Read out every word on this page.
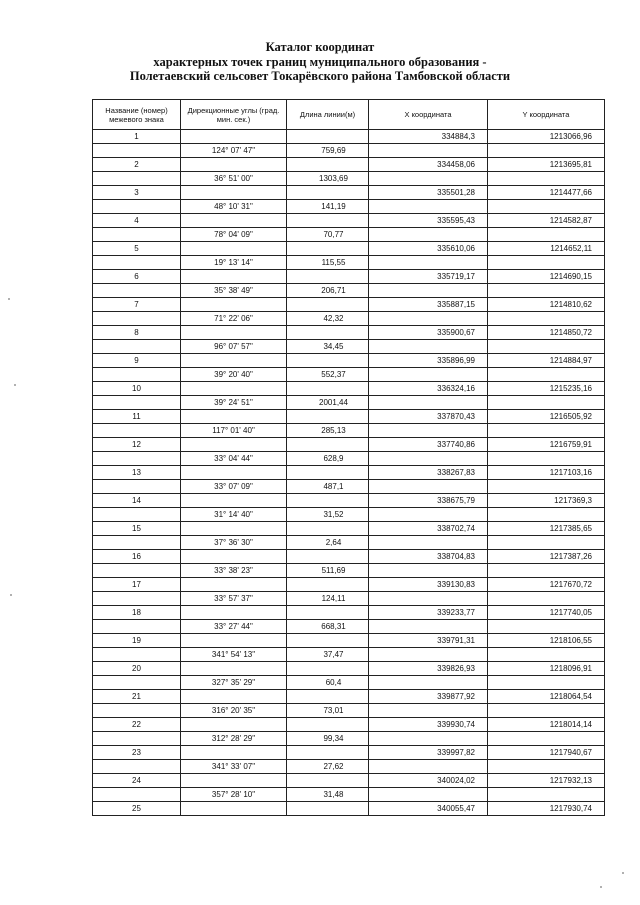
Каталог координат
характерных точек границ муниципального образования -
Полетаевский сельсовет Токарёвского района Тамбовской области
Название (номер) межевого знака	Дирекционные углы (град. мин. сек.)	Длина линии(м)	X координата	Y координата
1			334884,3	1213066,96
	124° 07' 47"	759,69		
2			334458,06	1213695,81
	36° 51' 00"	1303,69		
3			335501,28	1214477,66
	48° 10' 31"	141,19		
4			335595,43	1214582,87
	78° 04' 09"	70,77		
5			335610,06	1214652,11
	19° 13' 14"	115,55		
6			335719,17	1214690,15
	35° 38' 49"	206,71		
7			335887,15	1214810,62
	71° 22' 06"	42,32		
8			335900,67	1214850,72
	96° 07' 57"	34,45		
9			335896,99	1214884,97
	39° 20' 40"	552,37		
10			336324,16	1215235,16
	39° 24' 51"	2001,44		
11			337870,43	1216505,92
	117° 01' 40"	285,13		
12			337740,86	1216759,91
	33° 04' 44"	628,9		
13			338267,83	1217103,16
	33° 07' 09"	487,1		
14			338675,79	1217369,3
	31° 14' 40"	31,52		
15			338702,74	1217385,65
	37° 36' 30"	2,64		
16			338704,83	1217387,26
	33° 38' 23"	511,69		
17			339130,83	1217670,72
	33° 57' 37"	124,11		
18			339233,77	1217740,05
	33° 27' 44"	668,31		
19			339791,31	1218106,55
	341° 54' 13"	37,47		
20			339826,93	1218096,91
	327° 35' 29"	60,4		
21			339877,92	1218064,54
	316° 20' 35"	73,01		
22			339930,74	1218014,14
	312° 28' 29"	99,34		
23			339997,82	1217940,67
	341° 33' 07"	27,62		
24			340024,02	1217932,13
	357° 28' 10"	31,48		
25			340055,47	1217930,74
